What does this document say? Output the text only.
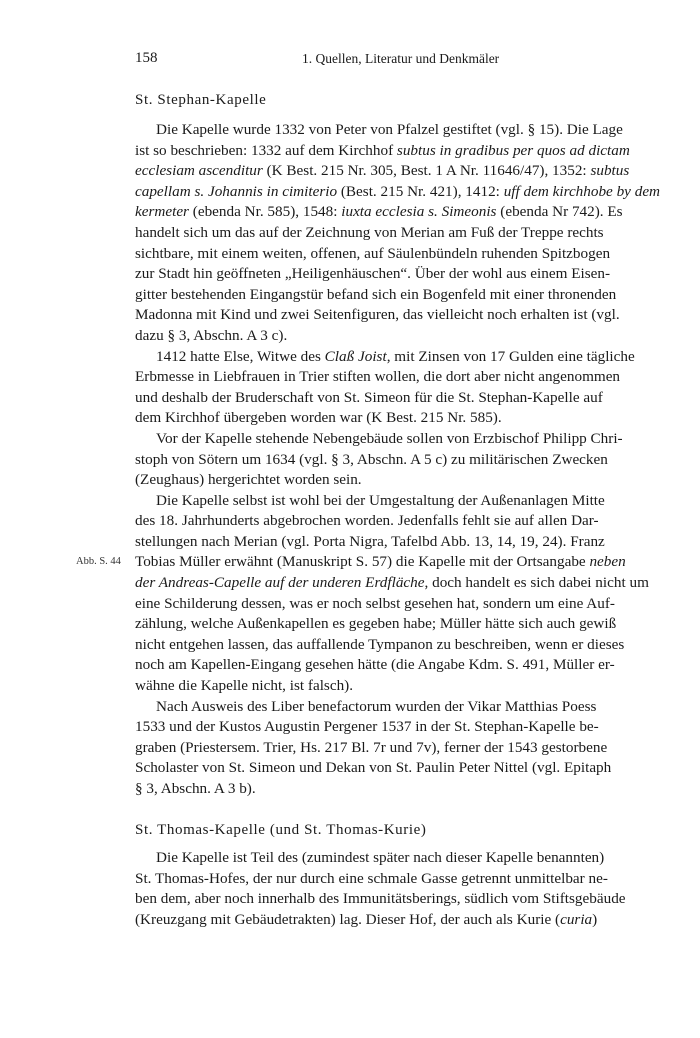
158	1. Quellen, Literatur und Denkmäler
St. Stephan-Kapelle
Die Kapelle wurde 1332 von Peter von Pfalzel gestiftet (vgl. § 15). Die Lage
ist so beschrieben: 1332 auf dem Kirchhof subtus in gradibus per quos ad dictam
ecclesiam ascenditur (K Best. 215 Nr. 305, Best. 1 A Nr. 11646/47), 1352: subtus
capellam s. Johannis in cimiterio (Best. 215 Nr. 421), 1412: uff dem kirchhobe by dem
kermeter (ebenda Nr. 585), 1548: iuxta ecclesia s. Simeonis (ebenda Nr 742). Es
handelt sich um das auf der Zeichnung von Merian am Fuß der Treppe rechts
sichtbare, mit einem weiten, offenen, auf Säulenbündeln ruhenden Spitzbogen
zur Stadt hin geöffneten „Heiligenhäuschen“. Über der wohl aus einem Eisen-
gitter bestehenden Eingangstür befand sich ein Bogenfeld mit einer thronenden
Madonna mit Kind und zwei Seitenfiguren, das vielleicht noch erhalten ist (vgl.
dazu § 3, Abschn. A 3 c).
1412 hatte Else, Witwe des Claß Joist, mit Zinsen von 17 Gulden eine tägliche
Erbmesse in Liebfrauen in Trier stiften wollen, die dort aber nicht angenommen
und deshalb der Bruderschaft von St. Simeon für die St. Stephan-Kapelle auf
dem Kirchhof übergeben worden war (K Best. 215 Nr. 585).
Vor der Kapelle stehende Nebengebäude sollen von Erzbischof Philipp Chri-
stoph von Sötern um 1634 (vgl. § 3, Abschn. A 5 c) zu militärischen Zwecken
(Zeughaus) hergerichtet worden sein.
Die Kapelle selbst ist wohl bei der Umgestaltung der Außenanlagen Mitte
des 18. Jahrhunderts abgebrochen worden. Jedenfalls fehlt sie auf allen Dar-
stellungen nach Merian (vgl. Porta Nigra, Tafelbd Abb. 13, 14, 19, 24). Franz
Tobias Müller erwähnt (Manuskript S. 57) die Kapelle mit der Ortsangabe neben
der Andreas-Capelle auf der underen Erdfläche, doch handelt es sich dabei nicht um
eine Schilderung dessen, was er noch selbst gesehen hat, sondern um eine Auf-
zählung, welche Außenkapellen es gegeben habe; Müller hätte sich auch gewiß
nicht entgehen lassen, das auffallende Tympanon zu beschreiben, wenn er dieses
noch am Kapellen-Eingang gesehen hätte (die Angabe Kdm. S. 491, Müller er-
wähne die Kapelle nicht, ist falsch).
Nach Ausweis des Liber benefactorum wurden der Vikar Matthias Poess
1533 und der Kustos Augustin Pergener 1537 in der St. Stephan-Kapelle be-
graben (Priestersem. Trier, Hs. 217 Bl. 7r und 7v), ferner der 1543 gestorbene
Scholaster von St. Simeon und Dekan von St. Paulin Peter Nittel (vgl. Epitaph
§ 3, Abschn. A 3 b).
Abb. S. 44
St. Thomas-Kapelle (und St. Thomas-Kurie)
Die Kapelle ist Teil des (zumindest später nach dieser Kapelle benannten)
St. Thomas-Hofes, der nur durch eine schmale Gasse getrennt unmittelbar ne-
ben dem, aber noch innerhalb des Immunitätsberings, südlich vom Stiftsgebäude
(Kreuzgang mit Gebäudetrakten) lag. Dieser Hof, der auch als Kurie (curia)
